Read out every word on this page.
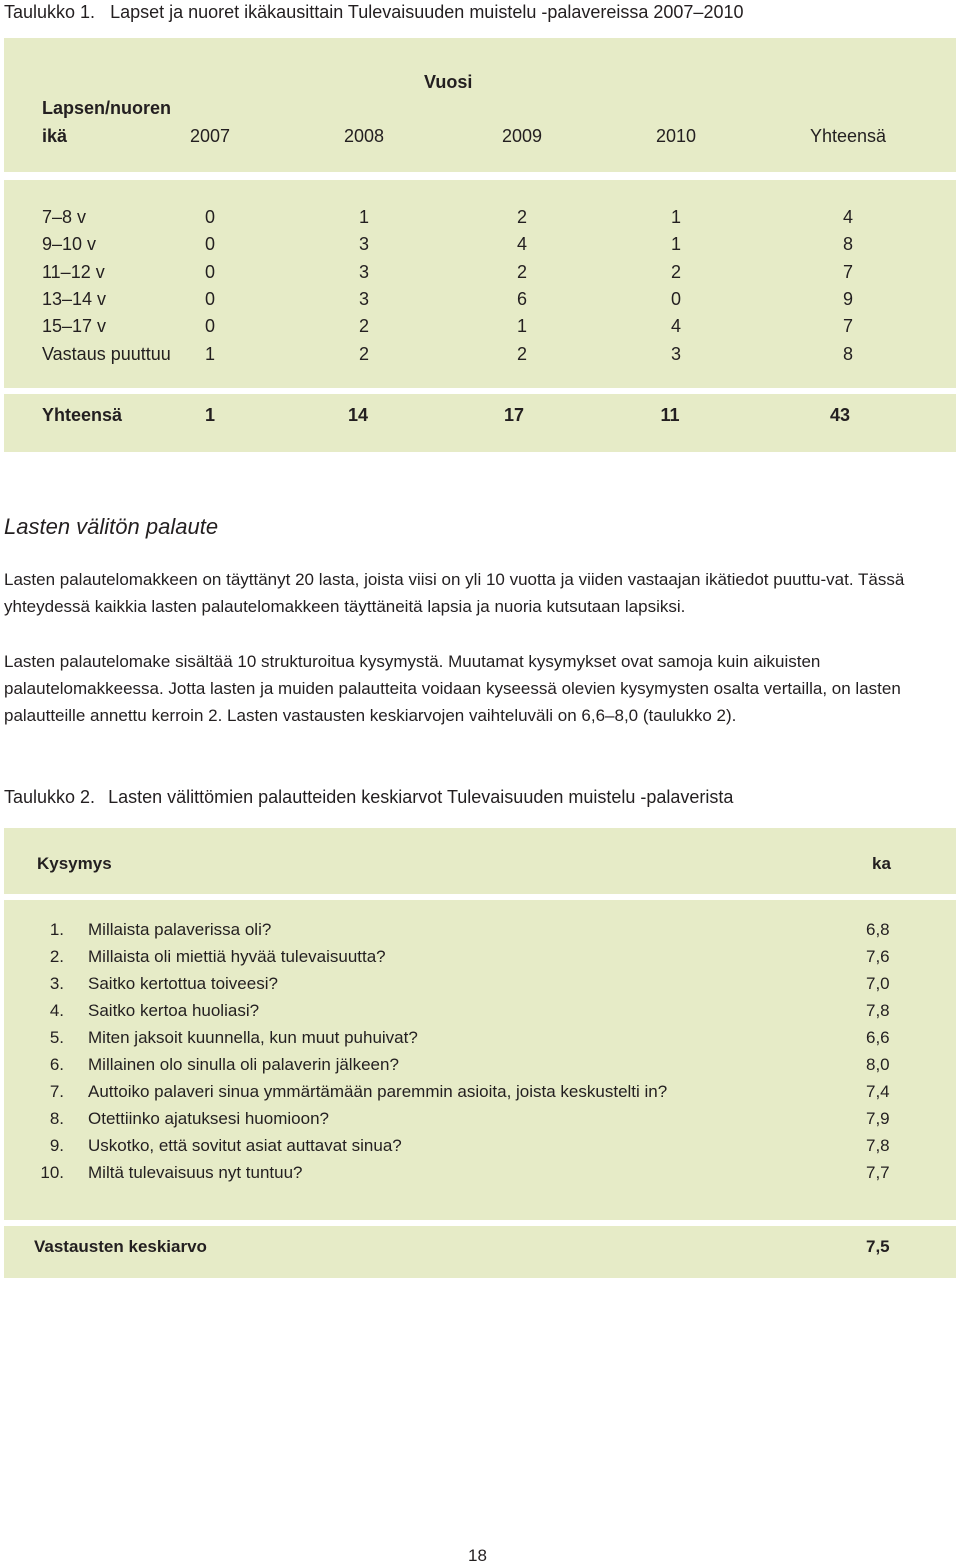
Taulukko 1. Lapset ja nuoret ikäkausittain Tulevaisuuden muistelu -palavereissa 2007–2010
Vuosi
Lapsen/nuoren
ikä	2007	2008	2009	2010	Yhteensä
7–8 v	0	1	2	1	4
9–10 v	0	3	4	1	8
11–12 v	0	3	2	2	7
13–14 v	0	3	6	0	9
15–17 v	0	2	1	4	7
Vastaus puuttuu	1	2	2	3	8
Yhteensä	1	14	17	11	43
Lasten välitön palaute
Lasten palautelomakkeen on täyttänyt 20 lasta, joista viisi on yli 10 vuotta ja viiden vastaajan ikätiedot puuttu-vat. Tässä yhteydessä kaikkia lasten palautelomakkeen täyttäneitä lapsia ja nuoria kutsutaan lapsiksi.
Lasten palautelomake sisältää 10 strukturoitua kysymystä. Muutamat kysymykset ovat samoja kuin aikuisten palautelomakkeessa. Jotta lasten ja muiden palautteita voidaan kyseessä olevien kysymysten osalta vertailla, on lasten palautteille annettu kerroin 2. Lasten vastausten keskiarvojen vaihteluväli on 6,6–8,0 (taulukko 2).
Taulukko 2. Lasten välittömien palautteiden keskiarvot Tulevaisuuden muistelu -palaverista
Kysymys	ka
1. Millaista palaverissa oli?	6,8
2. Millaista oli miettiä hyvää tulevaisuutta?	7,6
3. Saitko kertottua toiveesi?	7,0
4. Saitko kertoa huoliasi?	7,8
5. Miten jaksoit kuunnella, kun muut puhuivat?	6,6
6. Millainen olo sinulla oli palaverin jälkeen?	8,0
7. Auttoiko palaveri sinua ymmärtämään paremmin asioita, joista keskustelti in?	7,4
8. Otettiinko ajatuksesi huomioon?	7,9
9. Uskotko, että sovitut asiat auttavat sinua?	7,8
10. Miltä tulevaisuus nyt tuntuu?	7,7
Vastausten keskiarvo	7,5
18
